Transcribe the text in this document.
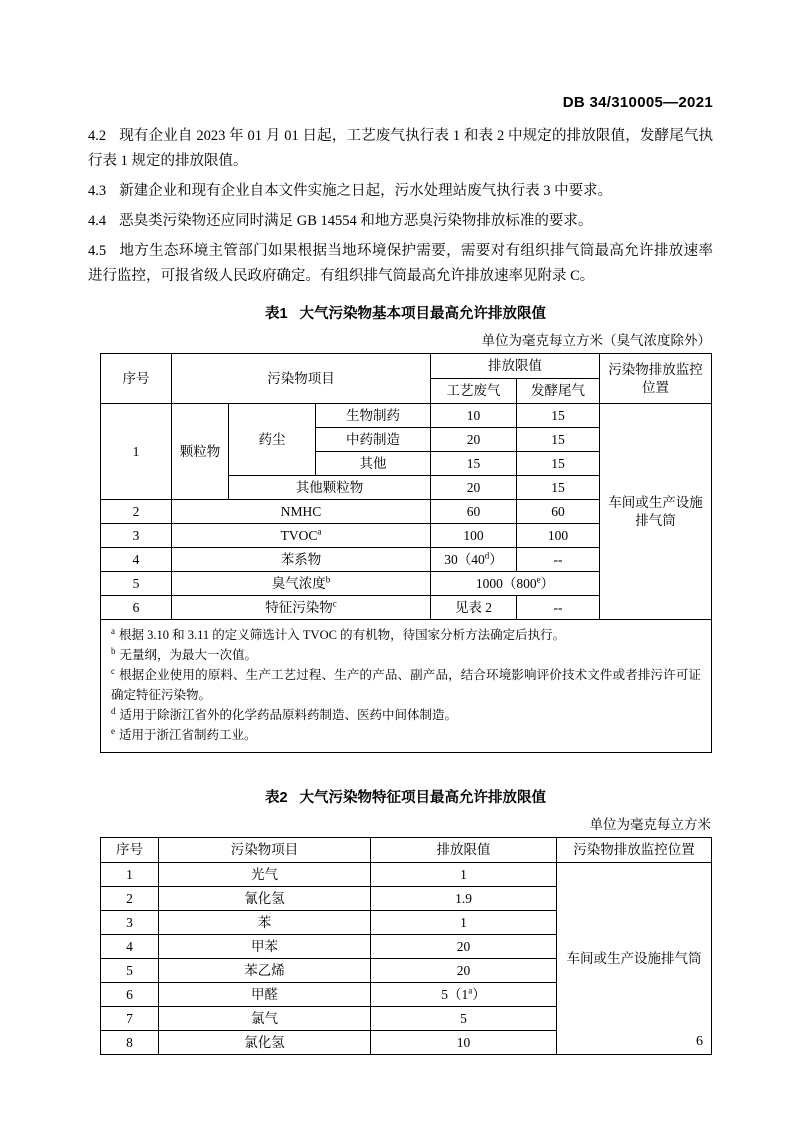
DB 34/310005—2021

4.2 现有企业自 2023 年 01 月 01 日起，工艺废气执行表 1 和表 2 中规定的排放限值，发酵尾气执行表 1 规定的排放限值。

4.3 新建企业和现有企业自本文件实施之日起，污水处理站废气执行表 3 中要求。

4.4 恶臭类污染物还应同时满足 GB 14554 和地方恶臭污染物排放标准的要求。

4.5 地方生态环境主管部门如果根据当地环境保护需要，需要对有组织排气筒最高允许排放速率进行监控，可报省级人民政府确定。有组织排气筒最高允许排放速率见附录 C。

表1 大气污染物基本项目最高允许排放限值
单位为毫克每立方米（臭气浓度除外）
序号	污染物项目			排放限值		污染物排放监控位置
				工艺废气	发酵尾气	
1	颗粒物	药尘	生物制药	10	15	车间或生产设施排气筒
			中药制造	20	15	
			其他	15	15	
		其他颗粒物		20	15	
2	NMHC			60	60	
3	TVOC$^a$			100	100	
4	苯系物			30（40$^d$）	--	
5	臭气浓度$^b$			1000（800e）		
6	特征污染物$^c$			见表 2	--	

$^a$ 根据 3.10 和 3.11 的定义筛选计入 TVOC 的有机物，待国家分析方法确定后执行。
$^b$ 无量纲，为最大一次值。
$^c$ 根据企业使用的原料、生产工艺过程、生产的产品、副产品，结合环境影响评价技术文件或者排污许可证确定特征污染物。
$^d$ 适用于除浙江省外的化学药品原料药制造、医药中间体制造。
$^e$ 适用于浙江省制药工业。						
表2 大气污染物特征项目最高允许排放限值
单位为毫克每立方米
序号	污染物项目	排放限值	污染物排放监控位置
1	光气	1	车间或生产设施排气筒
2	氰化氢	1.9	
3	苯	1	
4	甲苯	20	
5	苯乙烯	20	
6	甲醛	5（1$^a$）	
7	氯气	5	
8	氯化氢	10		6
